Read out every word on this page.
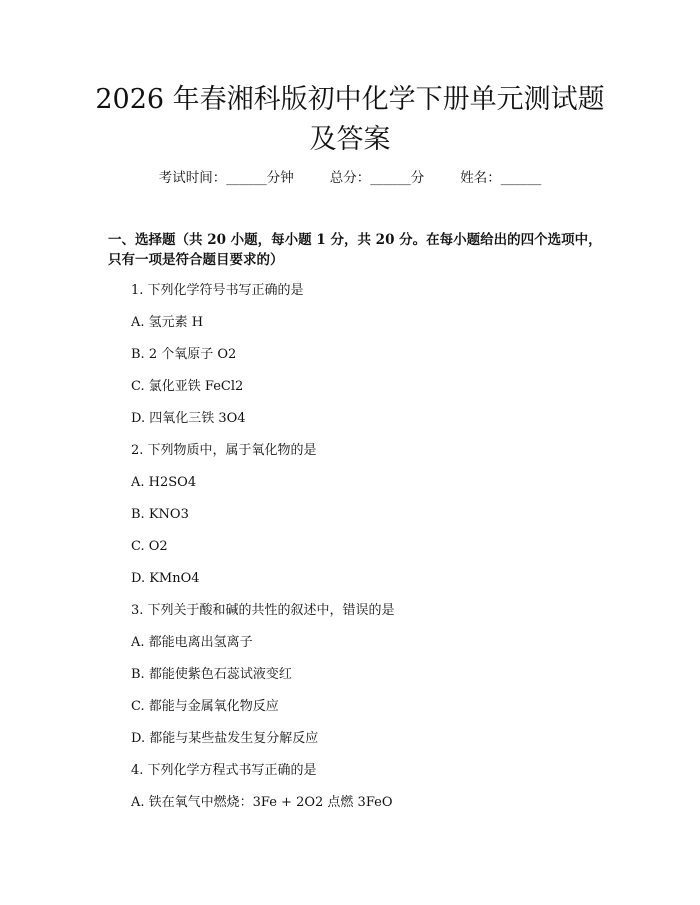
2026 年春湘科版初中化学下册单元测试题及答案
考试时间：______分钟	总分：______分	姓名：______
一、选择题（共 20 小题，每小题 1 分，共 20 分。在每小题给出的四个选项中，只有一项是符合题目要求的）
1. 下列化学符号书写正确的是
A. 氢元素 H
B. 2 个氧原子 O2
C. 氯化亚铁 FeCl2
D. 四氧化三铁 3O4
2. 下列物质中，属于氧化物的是
A. H2SO4
B. KNO3
C. O2
D. KMnO4
3. 下列关于酸和碱的共性的叙述中，错误的是
A. 都能电离出氢离子
B. 都能使紫色石蕊试液变红
C. 都能与金属氧化物反应
D. 都能与某些盐发生复分解反应
4. 下列化学方程式书写正确的是
A. 铁在氧气中燃烧：3Fe + 2O2 点燃 3FeO
